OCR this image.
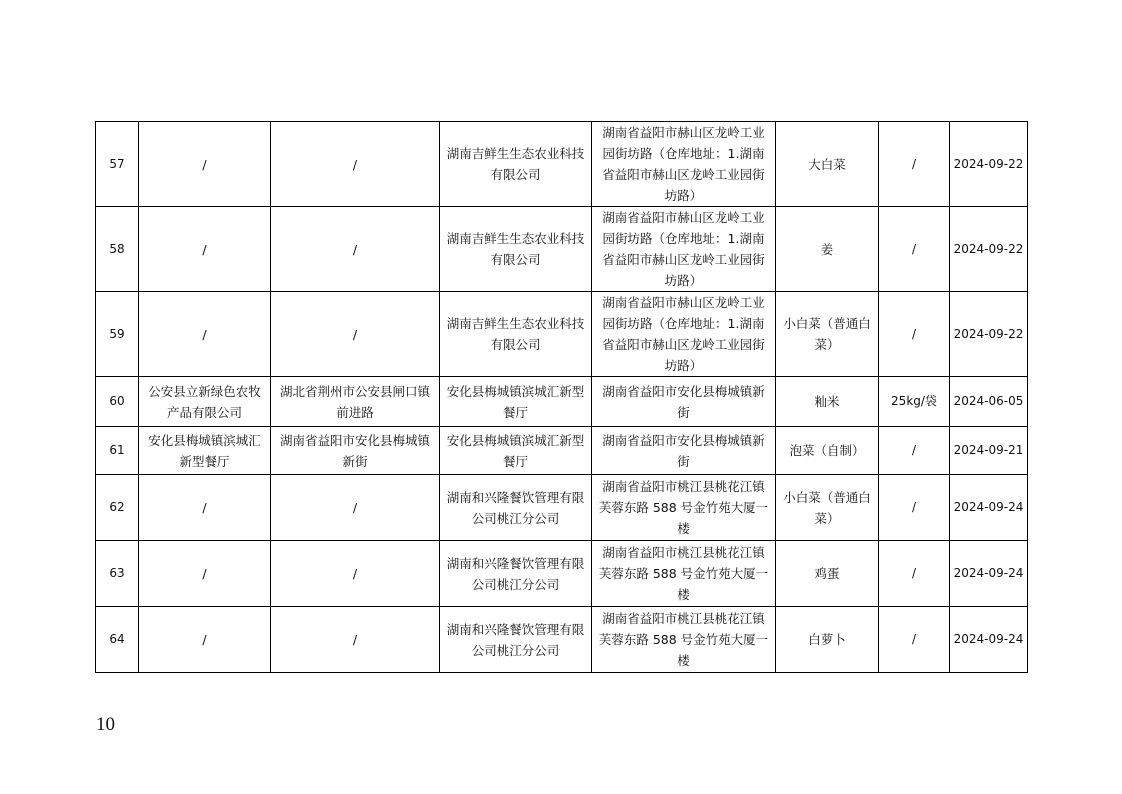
57	/	/	湖南吉鲜生生态农业科技有限公司	湖南省益阳市赫山区龙岭工业园街坊路（仓库地址：1.湖南省益阳市赫山区龙岭工业园街坊路）	大白菜	/	2024-09-22
58	/	/	湖南吉鲜生生态农业科技有限公司	湖南省益阳市赫山区龙岭工业园街坊路（仓库地址：1.湖南省益阳市赫山区龙岭工业园街坊路）	姜	/	2024-09-22
59	/	/	湖南吉鲜生生态农业科技有限公司	湖南省益阳市赫山区龙岭工业园街坊路（仓库地址：1.湖南省益阳市赫山区龙岭工业园街坊路）	小白菜（普通白菜）	/	2024-09-22
60	公安县立新绿色农牧产品有限公司	湖北省荆州市公安县闸口镇前进路	安化县梅城镇滨城汇新型餐厅	湖南省益阳市安化县梅城镇新街	籼米	25kg/袋	2024-06-05
61	安化县梅城镇滨城汇新型餐厅	湖南省益阳市安化县梅城镇新街	安化县梅城镇滨城汇新型餐厅	湖南省益阳市安化县梅城镇新街	泡菜（自制）	/	2024-09-21
62	/	/	湖南和兴隆餐饮管理有限公司桃江分公司	湖南省益阳市桃江县桃花江镇芙蓉东路 588 号金竹苑大厦一楼	小白菜（普通白菜）	/	2024-09-24
63	/	/	湖南和兴隆餐饮管理有限公司桃江分公司	湖南省益阳市桃江县桃花江镇芙蓉东路 588 号金竹苑大厦一楼	鸡蛋	/	2024-09-24
64	/	/	湖南和兴隆餐饮管理有限公司桃江分公司	湖南省益阳市桃江县桃花江镇芙蓉东路 588 号金竹苑大厦一楼	白萝卜	/	2024-09-24
10
